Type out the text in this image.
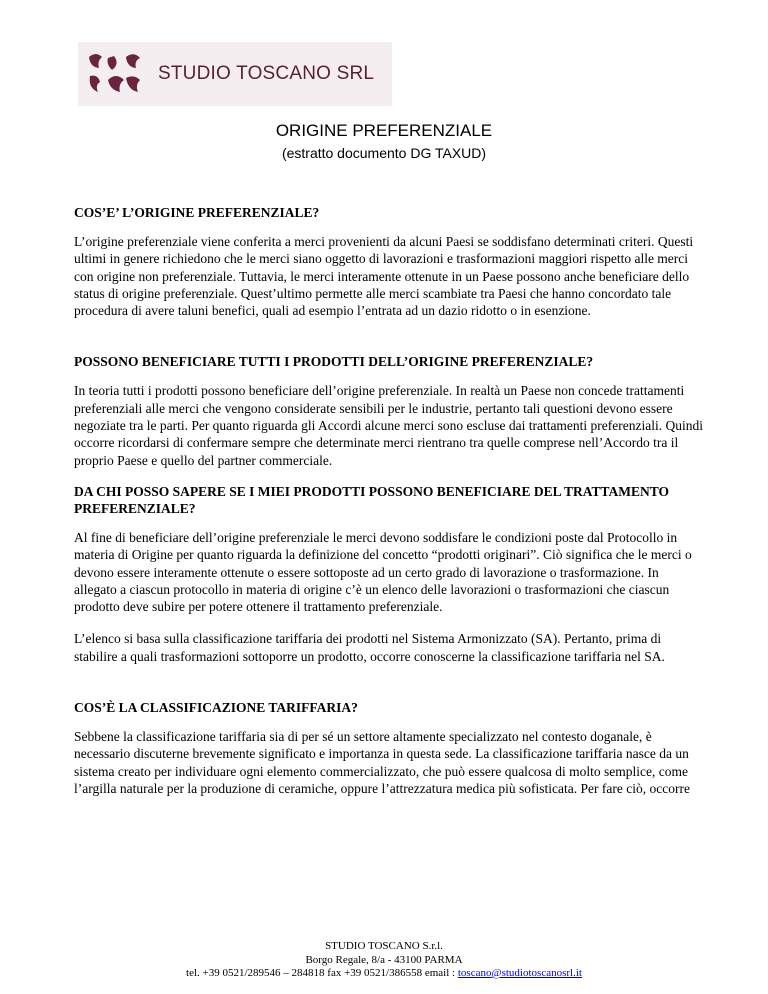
STUDIO TOSCANO SRL
ORIGINE PREFERENZIALE
(estratto documento DG TAXUD)

COS’E’ L’ORIGINE PREFERENZIALE?

L’origine preferenziale viene conferita a merci provenienti da alcuni Paesi se soddisfano determinati criteri. Questi ultimi in genere richiedono che le merci siano oggetto di lavorazioni e trasformazioni maggiori rispetto alle merci con origine non preferenziale. Tuttavia, le merci interamente ottenute in un Paese possono anche beneficiare dello status di origine preferenziale. Quest’ultimo permette alle merci scambiate tra Paesi che hanno concordato tale procedura di avere taluni benefici, quali ad esempio l’entrata ad un dazio ridotto o in esenzione.

POSSONO BENEFICIARE TUTTI I PRODOTTI DELL’ORIGINE PREFERENZIALE?

In teoria tutti i prodotti possono beneficiare dell’origine preferenziale. In realtà un Paese non concede trattamenti preferenziali alle merci che vengono considerate sensibili per le industrie, pertanto tali questioni devono essere negoziate tra le parti. Per quanto riguarda gli Accordi alcune merci sono escluse dai trattamenti preferenziali. Quindi occorre ricordarsi di confermare sempre che determinate merci rientrano tra quelle comprese nell’Accordo tra il proprio Paese e quello del partner commerciale.

DA CHI POSSO SAPERE SE I MIEI PRODOTTI POSSONO BENEFICIARE DEL TRATTAMENTO PREFERENZIALE?

Al fine di beneficiare dell’origine preferenziale le merci devono soddisfare le condizioni poste dal Protocollo in materia di Origine per quanto riguarda la definizione del concetto “prodotti originari”. Ciò significa che le merci o devono essere interamente ottenute o essere sottoposte ad un certo grado di lavorazione o trasformazione. In allegato a ciascun protocollo in materia di origine c’è un elenco delle lavorazioni o trasformazioni che ciascun prodotto deve subire per potere ottenere il trattamento preferenziale.

L’elenco si basa sulla classificazione tariffaria dei prodotti nel Sistema Armonizzato (SA). Pertanto, prima di stabilire a quali trasformazioni sottoporre un prodotto, occorre conoscerne la classificazione tariffaria nel SA.

COS’È LA CLASSIFICAZIONE TARIFFARIA?

Sebbene la classificazione tariffaria sia di per sé un settore altamente specializzato nel contesto doganale, è necessario discuterne brevemente significato e importanza in questa sede. La classificazione tariffaria nasce da un sistema creato per individuare ogni elemento commercializzato, che può essere qualcosa di molto semplice, come l’argilla naturale per la produzione di ceramiche, oppure l’attrezzatura medica più sofisticata. Per fare ciò, occorre

STUDIO TOSCANO S.r.l.
Borgo Regale, 8/a - 43100 PARMA
tel. +39 0521/289546 – 284818 fax +39 0521/386558 email : toscano@studiotoscanosrl.it
